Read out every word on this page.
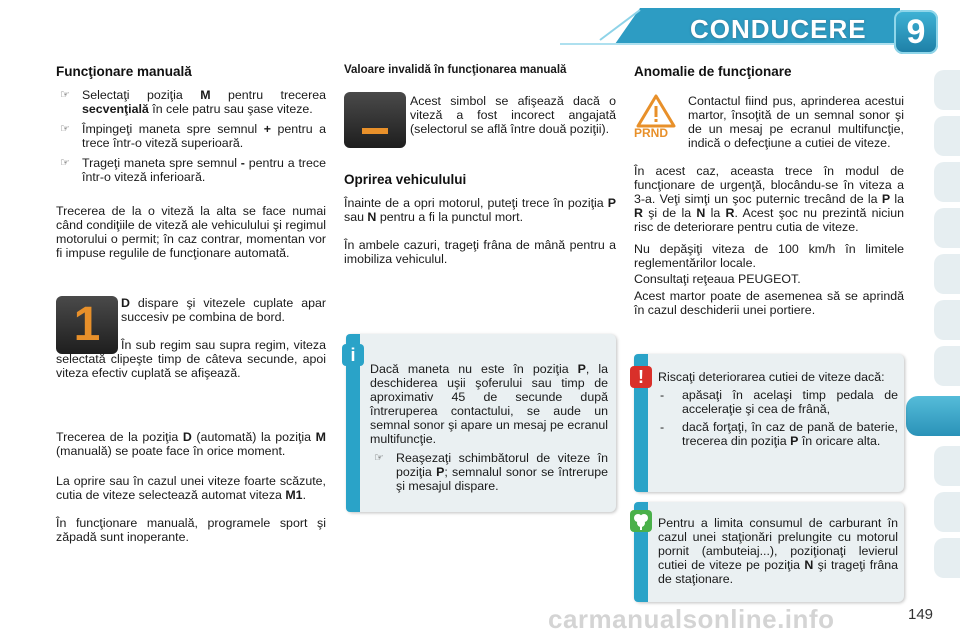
CONDUCERE	9
Funcţionare manuală

☞ Selectaţi poziţia M pentru trecerea secvenţială în cele patru sau şase viteze.

☞ Împingeţi maneta spre semnul + pentru a trece într-o viteză superioară.

☞ Trageţi maneta spre semnul - pentru a trece într-o viteză inferioară.

Trecerea de la o viteză la alta se face numai când condiţiile de viteză ale vehiculului şi regimul motorului o permit; în caz contrar, momentan vor fi impuse regulile de funcţionare automată.

1	D dispare şi vitezele cuplate apar succesiv pe combina de bord.

În sub regim sau supra regim, viteza selectată clipeşte timp de câteva secunde, apoi viteza efectiv cuplată se afişează.

Trecerea de la poziţia D (automată) la poziţia M (manuală) se poate face în orice moment.

La oprire sau în cazul unei viteze foarte scăzute, cutia de viteze selectează automat viteza M1.

În funcţionare manuală, programele sport şi zăpadă sunt inoperante.

Valoare invalidă în funcţionarea manuală

Acest simbol se afişează dacă o viteză a fost incorect angajată (selectorul se află între două poziţii).

Oprirea vehiculului

Înainte de a opri motorul, puteţi trece în poziţia P sau N pentru a fi la punctul mort.

În ambele cazuri, trageţi frâna de mână pentru a imobiliza vehiculul.

i

Dacă maneta nu este în poziţia P, la deschiderea uşii şoferului sau timp de aproximativ 45 de secunde după întreruperea contactului, se aude un semnal sonor şi apare un mesaj pe ecranul multifuncţie.

☞ Reaşezaţi schimbătorul de viteze în poziţia P; semnalul sonor se întrerupe şi mesajul dispare.

Anomalie de funcţionare
PRND

Contactul fiind pus, aprinderea acestui martor, însoţită de un semnal sonor şi de un mesaj pe ecranul multifuncţie, indică o defecţiune a cutiei de viteze.

În acest caz, aceasta trece în modul de funcţionare de urgenţă, blocându-se în viteza a 3-a. Veţi simţi un şoc puternic trecând de la P la R şi de la N la R. Acest şoc nu prezintă niciun risc de deteriorare pentru cutia de viteze.

Nu depăşiţi viteza de 100 km/h în limitele reglementărilor locale.

Consultaţi reţeaua PEUGEOT.

Acest martor poate de asemenea să se aprindă în cazul deschiderii unei portiere.

!	Riscaţi deteriorarea cutiei de viteze dacă:

- apăsaţi în acelaşi timp pedala de acceleraţie şi cea de frână,

- dacă forţaţi, în caz de pană de baterie, trecerea din poziţia P în oricare alta.

Pentru a limita consumul de carburant în cazul unei staţionări prelungite cu motorul pornit (ambuteiaj...), poziţionaţi levierul cutiei de viteze pe poziţia N şi trageţi frâna de staţionare.

carmanualsonline.info	149
